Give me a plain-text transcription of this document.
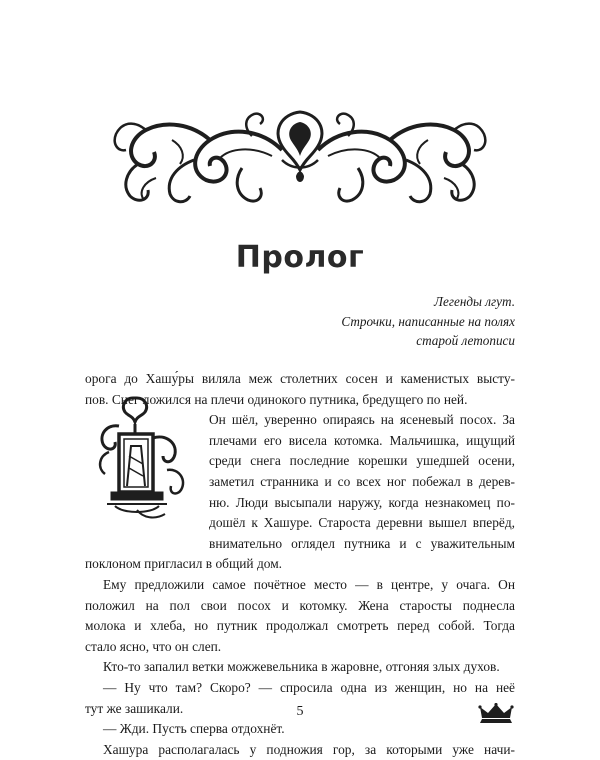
Пролог
Легенды лгут.
Строчки, написанные на полях
старой летописи
орога до Хашу́ры виляла меж столетних сосен и каменистых высту-
пов. Снег ложился на плечи одинокого путника, бредущего по ней.
Он шёл, уверенно опираясь на ясеневый посох. За
плечами его висела котомка. Мальчишка, ищущий
среди снега последние корешки ушедшей осени,
заметил странника и со всех ног побежал в дерев-
ню. Люди высыпали наружу, когда незнакомец по-
дошёл к Хашуре. Староста деревни вышел вперёд,
внимательно оглядел путника и с уважительным
поклоном пригласил в общий дом.
Ему предложили самое почётное место — в центре, у очага. Он
положил на пол свои посох и котомку. Жена старосты поднесла
молока и хлеба, но путник продолжал смотреть перед собой. Тогда
стало ясно, что он слеп.
Кто-то запалил ветки можжевельника в жаровне, отгоняя злых духов.
— Ну что там? Скоро? — спросила одна из женщин, но на неё
тут же зашикали.
— Жди. Пусть сперва отдохнёт.
Хашура располагалась у подножия гор, за которыми уже начи-
5
